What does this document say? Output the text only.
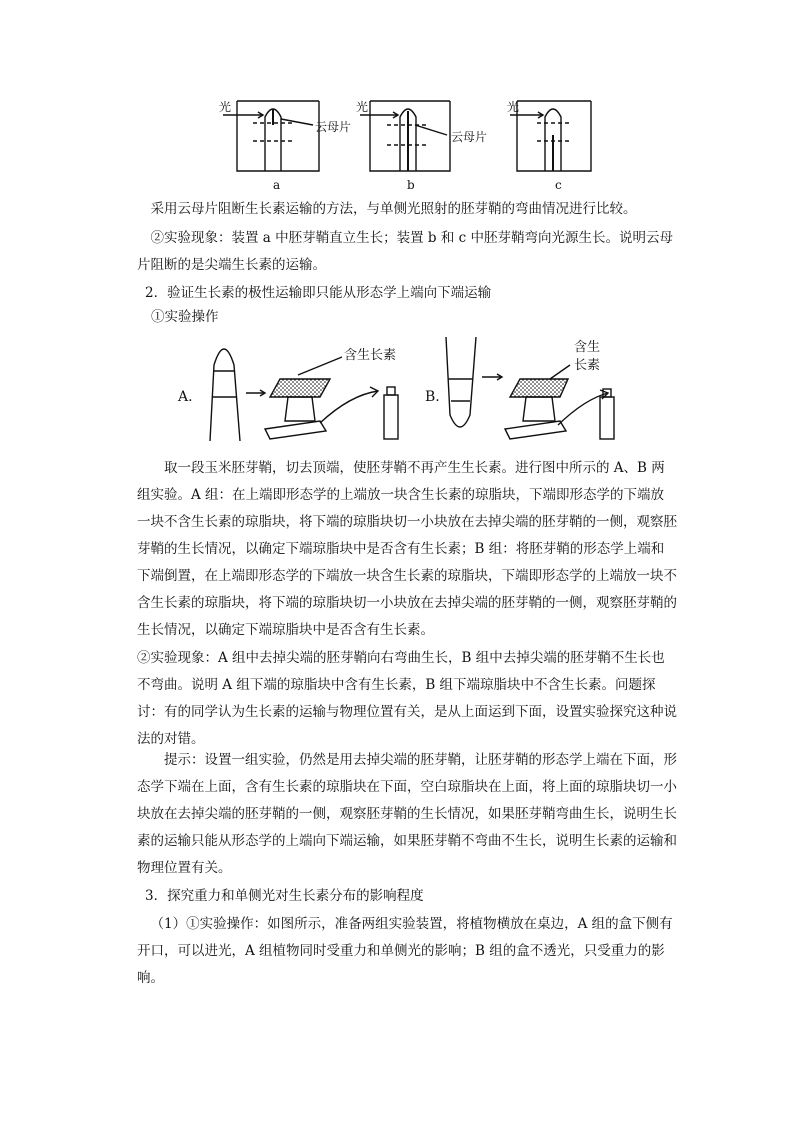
光	光	光
云母片
云母片
a	b	c

采用云母片阻断生长素运输的方法，与单侧光照射的胚芽鞘的弯曲情况进行比较。

②实验现象：装置 a 中胚芽鞘直立生长；装置 b 和 c 中胚芽鞘弯向光源生长。说明云母片阻断的是尖端生长素的运输。

2．验证生长素的极性运输即只能从形态学上端向下端运输

①实验操作

含生长素
含生
长素
A.	B.

取一段玉米胚芽鞘，切去顶端，使胚芽鞘不再产生生长素。进行图中所示的 A、B 两组实验。A 组：在上端即形态学的上端放一块含生长素的琼脂块，下端即形态学的下端放一块不含生长素的琼脂块，将下端的琼脂块切一小块放在去掉尖端的胚芽鞘的一侧，观察胚芽鞘的生长情况，以确定下端琼脂块中是否含有生长素；B 组：将胚芽鞘的形态学上端和下端倒置，在上端即形态学的下端放一块含生长素的琼脂块，下端即形态学的上端放一块不含生长素的琼脂块，将下端的琼脂块切一小块放在去掉尖端的胚芽鞘的一侧，观察胚芽鞘的生长情况，以确定下端琼脂块中是否含有生长素。

②实验现象：A 组中去掉尖端的胚芽鞘向右弯曲生长，B 组中去掉尖端的胚芽鞘不生长也不弯曲。说明 A 组下端的琼脂块中含有生长素，B 组下端琼脂块中不含生长素。问题探讨：有的同学认为生长素的运输与物理位置有关，是从上面运到下面，设置实验探究这种说法的对错。

提示：设置一组实验，仍然是用去掉尖端的胚芽鞘，让胚芽鞘的形态学上端在下面，形态学下端在上面，含有生长素的琼脂块在下面，空白琼脂块在上面，将上面的琼脂块切一小块放在去掉尖端的胚芽鞘的一侧，观察胚芽鞘的生长情况，如果胚芽鞘弯曲生长，说明生长素的运输只能从形态学的上端向下端运输，如果胚芽鞘不弯曲不生长，说明生长素的运输和物理位置有关。

3．探究重力和单侧光对生长素分布的影响程度

（1）①实验操作：如图所示，准备两组实验装置，将植物横放在桌边，A 组的盒下侧有开口，可以进光，A 组植物同时受重力和单侧光的影响；B 组的盒不透光，只受重力的影响。
